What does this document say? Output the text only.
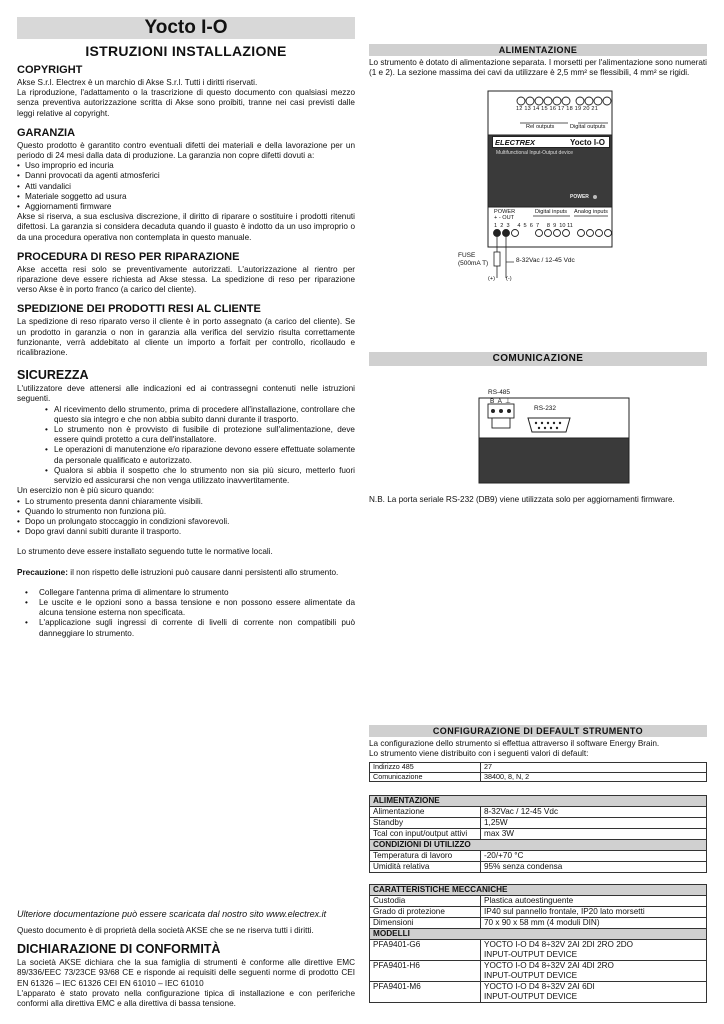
Yocto I-O
ISTRUZIONI INSTALLAZIONE
COPYRIGHT
Akse S.r.l. Electrex è un marchio di Akse S.r.l. Tutti i diritti riservati.
La riproduzione, l'adattamento o la trascrizione di questo documento con qualsiasi mezzo senza preventiva autorizzazione scritta di Akse sono proibiti, tranne nei casi previsti dalle leggi relative al copyright.
GARANZIA
Questo prodotto è garantito contro eventuali difetti dei materiali e della lavorazione per un periodo di 24 mesi dalla data di produzione. La garanzia non copre difetti dovuti a:
• Uso improprio ed incuria
• Danni provocati da agenti atmosferici
• Atti vandalici
• Materiale soggetto ad usura
• Aggiornamenti firmware
Akse si riserva, a sua esclusiva discrezione, il diritto di riparare o sostituire i prodotti ritenuti difettosi. La garanzia si considera decaduta quando il guasto è indotto da un uso improprio o da una procedura operativa non contemplata in questo manuale.
PROCEDURA DI RESO PER RIPARAZIONE
Akse accetta resi solo se preventivamente autorizzati. L'autorizzazione al rientro per riparazione deve essere richiesta ad Akse stessa. La spedizione di reso per riparazione verso Akse è in porto franco (a carico del cliente).
SPEDIZIONE DEI PRODOTTI RESI AL CLIENTE
La spedizione di reso riparato verso il cliente è in porto assegnato (a carico del cliente). Se un prodotto in garanzia o non in garanzia alla verifica del servizio risulta correttamente funzionante, verrà addebitato al cliente un importo a forfait per controllo, ricollaudo e ricalibrazione.
SICUREZZA
L'utilizzatore deve attenersi alle indicazioni ed ai contrassegni contenuti nelle istruzioni seguenti.
• Al ricevimento dello strumento, prima di procedere all'installazione, controllare che questo sia integro e che non abbia subito danni durante il trasporto.
• Lo strumento non è provvisto di fusibile di protezione sull'alimentazione, deve essere quindi protetto a cura dell'installatore.
• Le operazioni di manutenzione e/o riparazione devono essere effettuate solamente da personale qualificato e autorizzato.
• Qualora si abbia il sospetto che lo strumento non sia più sicuro, metterlo fuori servizio ed assicurarsi che non venga utilizzato inavvertitamente.
Un esercizio non è più sicuro quando:
• Lo strumento presenta danni chiaramente visibili.
• Quando lo strumento non funziona più.
• Dopo un prolungato stoccaggio in condizioni sfavorevoli.
• Dopo gravi danni subiti durante il trasporto.
Lo strumento deve essere installato seguendo tutte le normative locali.
Precauzione: il non rispetto delle istruzioni può causare danni persistenti allo strumento.
• Collegare l'antenna prima di alimentare lo strumento
• Le uscite e le opzioni sono a bassa tensione e non possono essere alimentate da alcuna tensione esterna non specificata.
• L'applicazione sugli ingressi di corrente di livelli di corrente non compatibili può danneggiare lo strumento.
Ulteriore documentazione può essere scaricata dal nostro sito www.electrex.it
Questo documento è di proprietà della società AKSE che se ne riserva tutti i diritti.
DICHIARAZIONE DI CONFORMITÀ
La società AKSE dichiara che la sua famiglia di strumenti è conforme alle direttive EMC 89/336/EEC 73/23CE 93/68 CE e risponde ai requisiti delle seguenti norme di prodotto CEI EN 61326 – IEC 61326 CEI EN 61010 – IEC 61010
L'apparato è stato provato nella configurazione tipica di installazione e con periferiche conformi alla direttiva EMC e alla direttiva di bassa tensione.
ALIMENTAZIONE
Lo strumento è dotato di alimentazione separata. I morsetti per l'alimentazione sono numerati (1 e 2). La sezione massima dei cavi da utilizzare è 2,5 mm² se flessibili, 4 mm² se rigidi.
12 13 14 15 16 17 18 19 20 21
Rel outputs	Digital outputs
ELECTREX	Yocto I-O
Multifunctional Input-Output device
POWER
POWER
+ - OUT
Digital inputs Analog inputs
1  2  3     4  5  6  7     8  9  10 11
FUSE
(500mA T)	8-32Vac / 12-45 Vdc
(+) (-)
COMUNICAZIONE
RS-485
B  A  ⊥
RS-232
N.B. La porta seriale RS-232 (DB9) viene utilizzata solo per aggiornamenti firmware.
CONFIGURAZIONE DI DEFAULT STRUMENTO
La configurazione dello strumento si effettua attraverso il software Energy Brain.
Lo strumento viene distribuito con i seguenti valori di default:
Indirizzo 485	27
Comunicazione	38400, 8, N, 2
ALIMENTAZIONE	
Alimentazione	8-32Vac / 12-45 Vdc
Standby	1,25W
Tcal con input/output attivi	max 3W
CONDIZIONI DI UTILIZZO	
Temperatura di lavoro	-20/+70 °C
Umidità relativa	95% senza condensa
CARATTERISTICHE MECCANICHE	
Custodia	Plastica autoestinguente
Grado di protezione	IP40 sul pannello frontale, IP20 lato morsetti
Dimensioni	70 x 90 x 58 mm (4 moduli DIN)
MODELLI	
PFA9401-G6	YOCTO I-O D4 8÷32V 2AI 2DI 2RO 2DO
INPUT-OUTPUT DEVICE

PFA9401-H6	YOCTO I-O D4 8÷32V 2AI 4DI 2RO
INPUT-OUTPUT DEVICE

PFA9401-M6	YOCTO I-O D4 8÷32V 2AI 6DI
INPUT-OUTPUT DEVICE
